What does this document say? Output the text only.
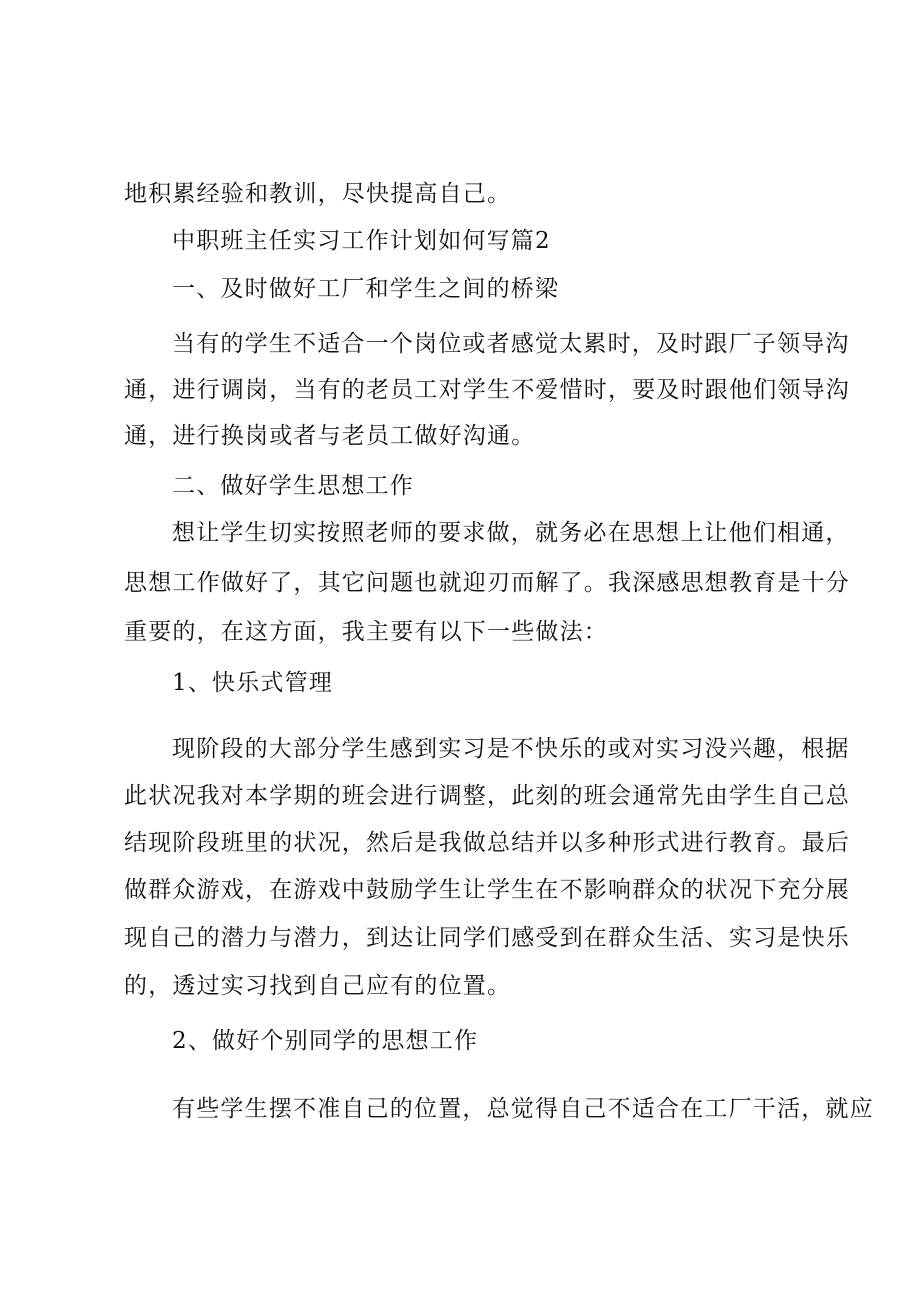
地积累经验和教训，尽快提高自己。
中职班主任实习工作计划如何写篇2
一、及时做好工厂和学生之间的桥梁
当有的学生不适合一个岗位或者感觉太累时，及时跟厂子领导沟
通，进行调岗，当有的老员工对学生不爱惜时，要及时跟他们领导沟
通，进行换岗或者与老员工做好沟通。
二、做好学生思想工作
想让学生切实按照老师的要求做，就务必在思想上让他们相通，
思想工作做好了，其它问题也就迎刃而解了。我深感思想教育是十分
重要的，在这方面，我主要有以下一些做法：
1、快乐式管理
现阶段的大部分学生感到实习是不快乐的或对实习没兴趣，根据
此状况我对本学期的班会进行调整，此刻的班会通常先由学生自己总
结现阶段班里的状况，然后是我做总结并以多种形式进行教育。最后
做群众游戏，在游戏中鼓励学生让学生在不影响群众的状况下充分展
现自己的潜力与潜力，到达让同学们感受到在群众生活、实习是快乐
的，透过实习找到自己应有的位置。
2、做好个别同学的思想工作
有些学生摆不准自己的位置，总觉得自己不适合在工厂干活，就应
